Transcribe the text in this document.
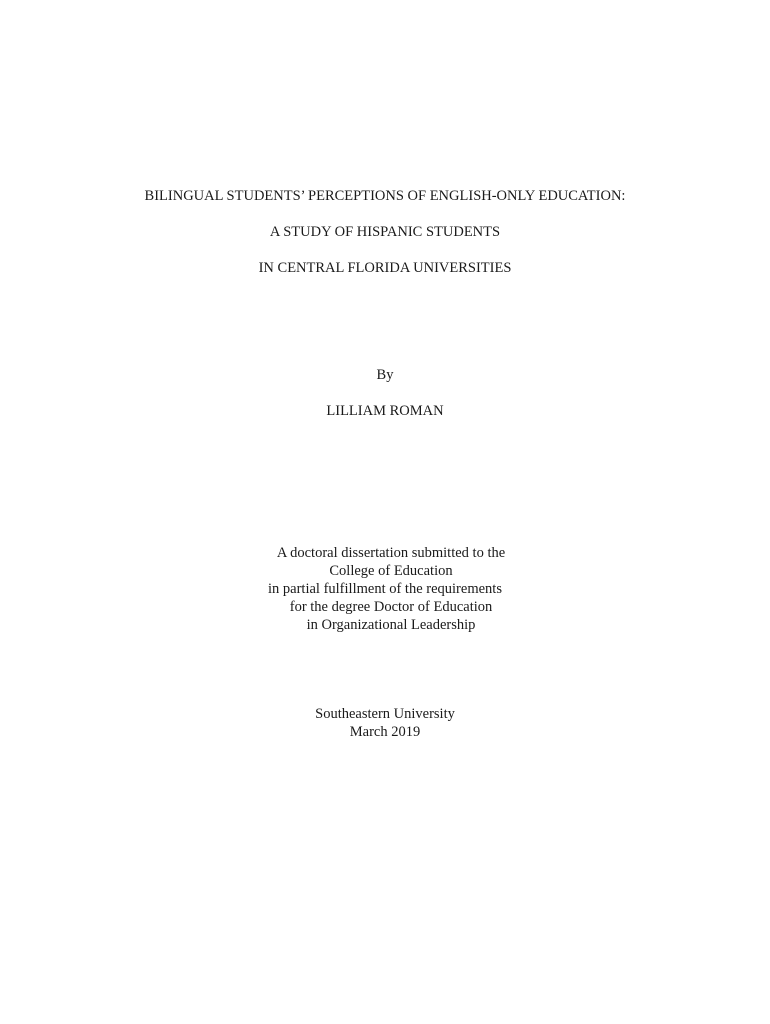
BILINGUAL STUDENTS’ PERCEPTIONS OF ENGLISH-ONLY EDUCATION:
A STUDY OF HISPANIC STUDENTS
IN CENTRAL FLORIDA UNIVERSITIES
By
LILLIAM ROMAN
A doctoral dissertation submitted to the
College of Education
in partial fulfillment of the requirements
for the degree Doctor of Education
in Organizational Leadership
Southeastern University
March 2019
